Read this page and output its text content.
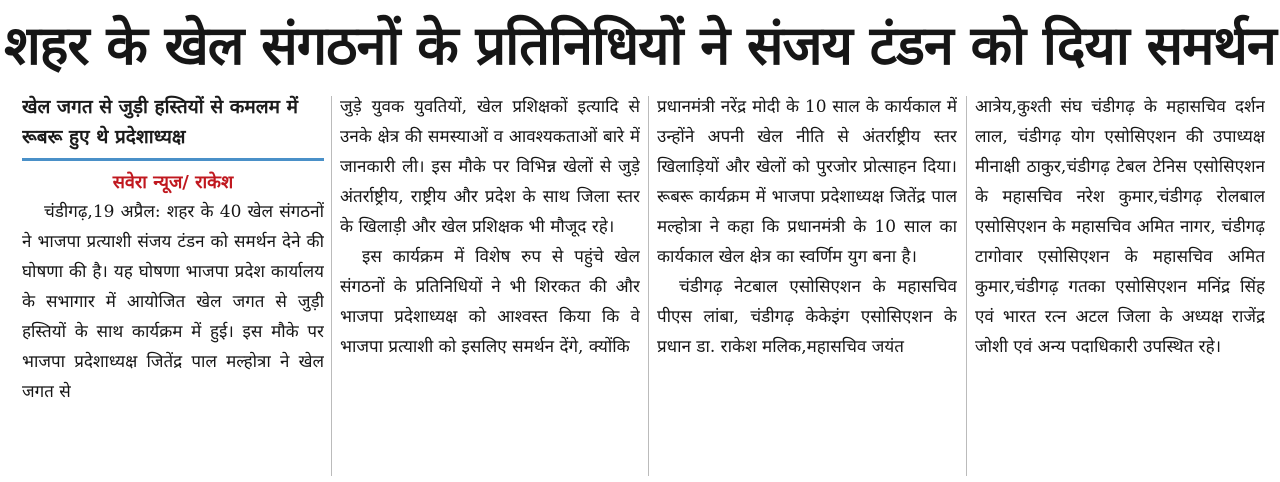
शहर के खेल संगठनों के प्रतिनिधियों ने संजय टंडन को दिया समर्थन
खेल जगत से जुड़ी हस्तियों से कमलम में रूबरू हुए थे प्रदेशाध्यक्ष
सवेरा न्यूज/ राकेश

चंडीगढ़,19 अप्रैल: शहर के 40 खेल संगठनों ने भाजपा प्रत्याशी संजय टंडन को समर्थन देने की घोषणा की है। यह घोषणा भाजपा प्रदेश कार्यालय के सभागार में आयोजित खेल जगत से जुड़ी हस्तियों के साथ कार्यक्रम में हुई। इस मौके पर भाजपा प्रदेशाध्यक्ष जितेंद्र पाल मल्होत्रा ने खेल जगत से

जुड़े युवक युवतियों, खेल प्रशिक्षकों इत्यादि से उनके क्षेत्र की समस्याओं व आवश्यकताओं बारे में जानकारी ली। इस मौके पर विभिन्न खेलों से जुड़े अंतर्राष्ट्रीय, राष्ट्रीय और प्रदेश के साथ जिला स्तर के खिलाड़ी और खेल प्रशिक्षक भी मौजूद रहे।

इस कार्यक्रम में विशेष रुप से पहुंचे खेल संगठनों के प्रतिनिधियों ने भी शिरकत की और भाजपा प्रदेशाध्यक्ष को आश्वस्त किया कि वे भाजपा प्रत्याशी को इसलिए समर्थन देंगे, क्योंकि

प्रधानमंत्री नरेंद्र मोदी के 10 साल के कार्यकाल में उन्होंने अपनी खेल नीति से अंतर्राष्ट्रीय स्तर खिलाड़ियों और खेलों को पुरजोर प्रोत्साहन दिया। रूबरू कार्यक्रम में भाजपा प्रदेशाध्यक्ष जितेंद्र पाल मल्होत्रा ने कहा कि प्रधानमंत्री के 10 साल का कार्यकाल खेल क्षेत्र का स्वर्णिम युग बना है।

चंडीगढ़ नेटबाल एसोसिएशन के महासचिव पीएस लांबा, चंडीगढ़ केकेइंग एसोसिएशन के प्रधान डा. राकेश मलिक,महासचिव जयंत

आत्रेय,कुश्ती संघ चंडीगढ़ के महासचिव दर्शन लाल, चंडीगढ़ योग एसोसिएशन की उपाध्यक्ष मीनाक्षी ठाकुर,चंडीगढ़ टेबल टेनिस एसोसिएशन के महासचिव नरेश कुमार,चंडीगढ़ रोलबाल एसोसिएशन के महासचिव अमित नागर, चंडीगढ़ टागोवार एसोसिएशन के महासचिव अमित कुमार,चंडीगढ़ गतका एसोसिएशन मनिंद्र सिंह एवं भारत रत्न अटल जिला के अध्यक्ष राजेंद्र जोशी एवं अन्य पदाधिकारी उपस्थित रहे।
